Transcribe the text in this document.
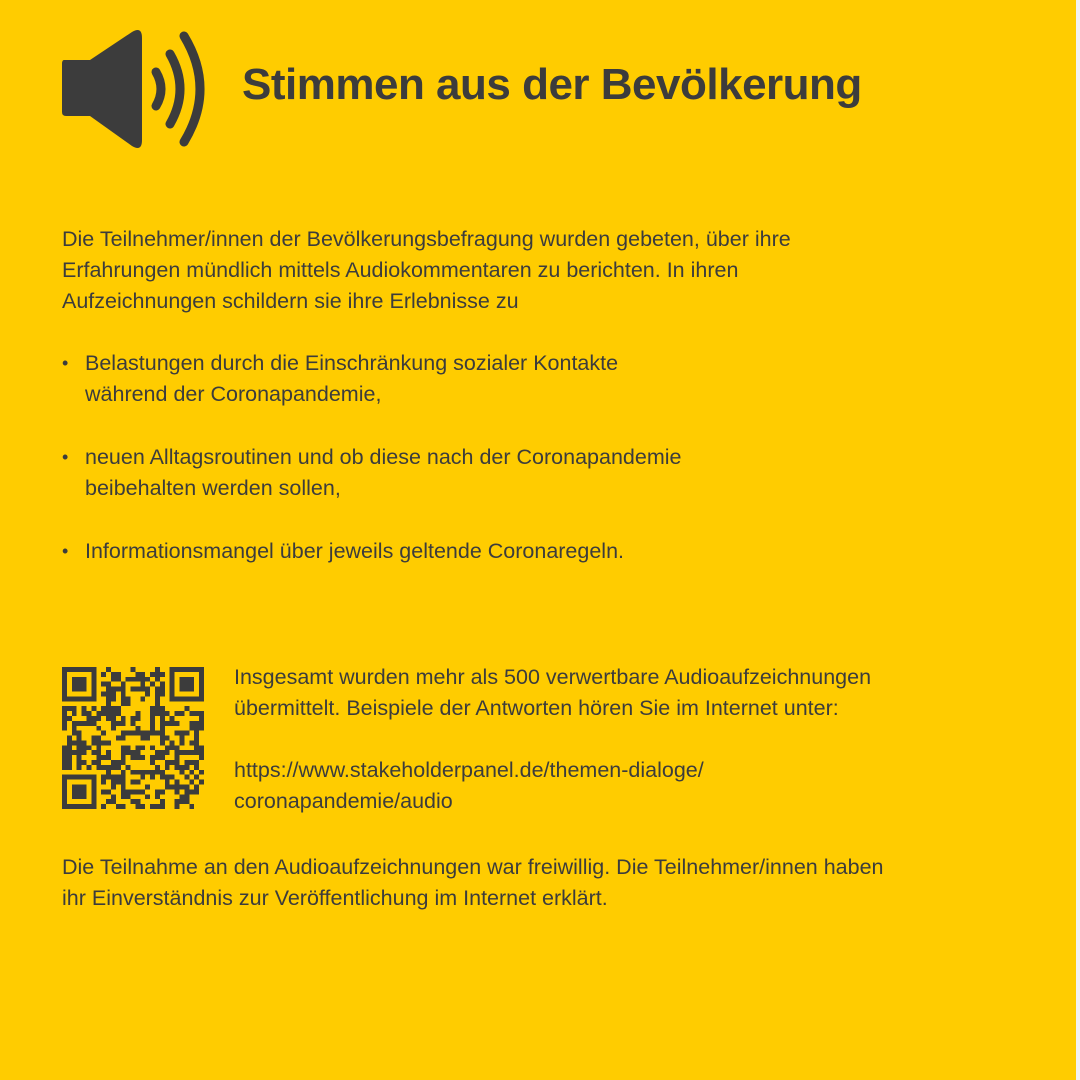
Stimmen aus der Bevölkerung

Die Teilnehmer/innen der Bevölkerungsbefragung wurden gebeten, über ihre
Erfahrungen mündlich mittels Audiokommentaren zu berichten. In ihren
Aufzeichnungen schildern sie ihre Erlebnisse zu

• Belastungen durch die Einschränkung sozialer Kontakte
während der Coronapandemie,
• neuen Alltagsroutinen und ob diese nach der Coronapandemie
beibehalten werden sollen,
• Informationsmangel über jeweils geltende Coronaregeln.

Insgesamt wurden mehr als 500 verwertbare Audioaufzeichnungen
übermittelt. Beispiele der Antworten hören Sie im Internet unter:

https://www.stakeholderpanel.de/themen-dialoge/
coronapandemie/audio

Die Teilnahme an den Audioaufzeichnungen war freiwillig. Die Teilnehmer/innen haben
ihr Einverständnis zur Veröffentlichung im Internet erklärt.
